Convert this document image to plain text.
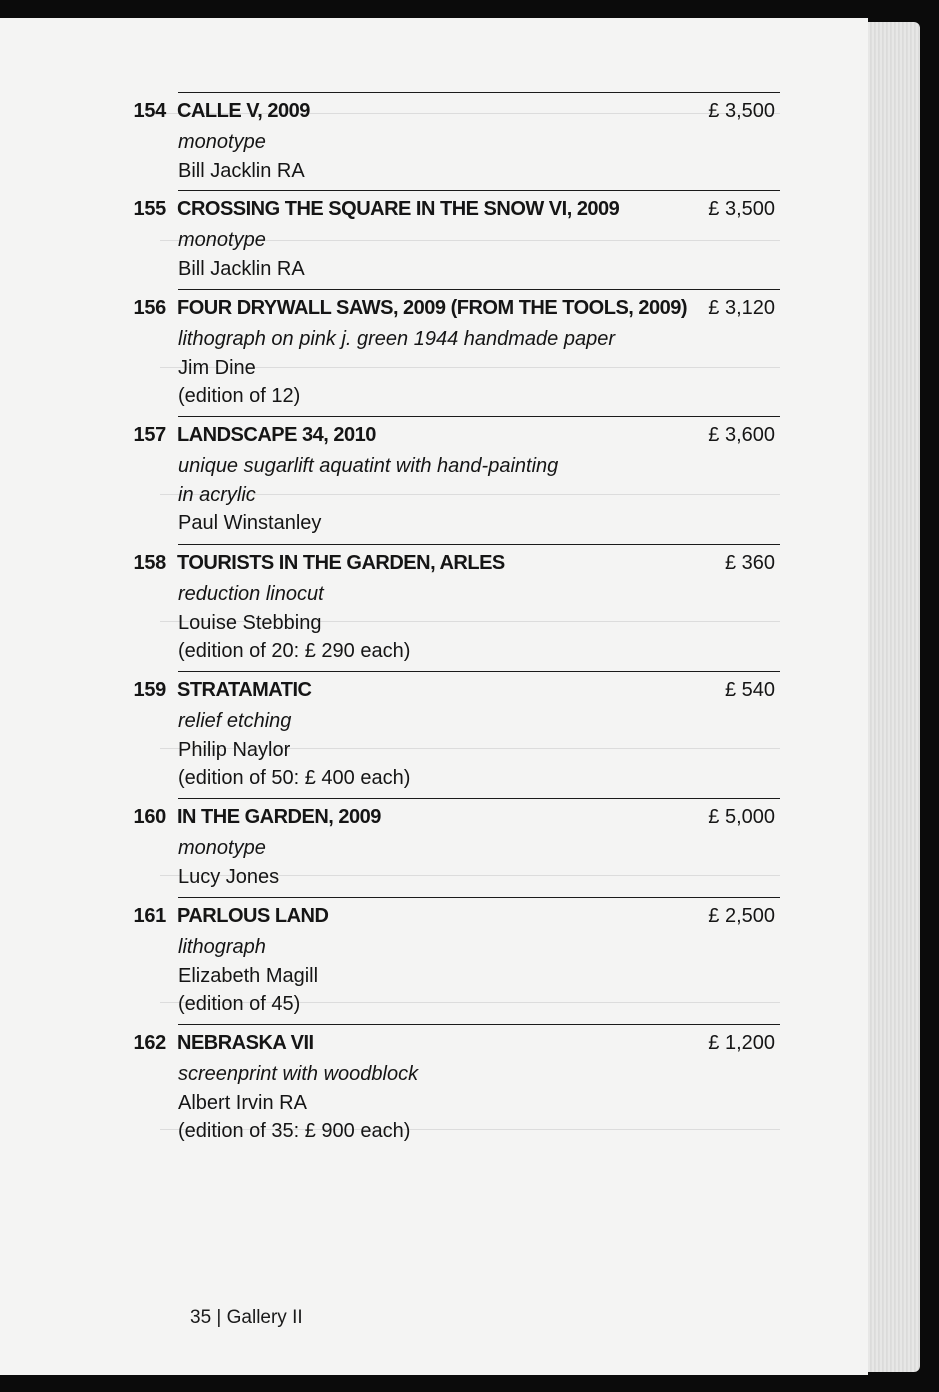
154 CALLE V, 2009	£ 3,500
monotype
Bill Jacklin RA
155 CROSSING THE SQUARE IN THE SNOW VI, 2009	£ 3,500
monotype
Bill Jacklin RA
156 FOUR DRYWALL SAWS, 2009 (FROM THE TOOLS, 2009) £ 3,120
lithograph on pink j. green 1944 handmade paper
Jim Dine
(edition of 12)
157 LANDSCAPE 34, 2010	£ 3,600
unique sugarlift aquatint with hand-painting
in acrylic
Paul Winstanley
158 TOURISTS IN THE GARDEN, ARLES	£ 360
reduction linocut
Louise Stebbing
(edition of 20: £ 290 each)
159 STRATAMATIC	£ 540
relief etching
Philip Naylor
(edition of 50: £ 400 each)
160 IN THE GARDEN, 2009	£ 5,000
monotype
Lucy Jones
161 PARLOUS LAND	£ 2,500
lithograph
Elizabeth Magill
(edition of 45)
162 NEBRASKA VII	£ 1,200
screenprint with woodblock
Albert Irvin RA
(edition of 35: £ 900 each)
35 | Gallery II
